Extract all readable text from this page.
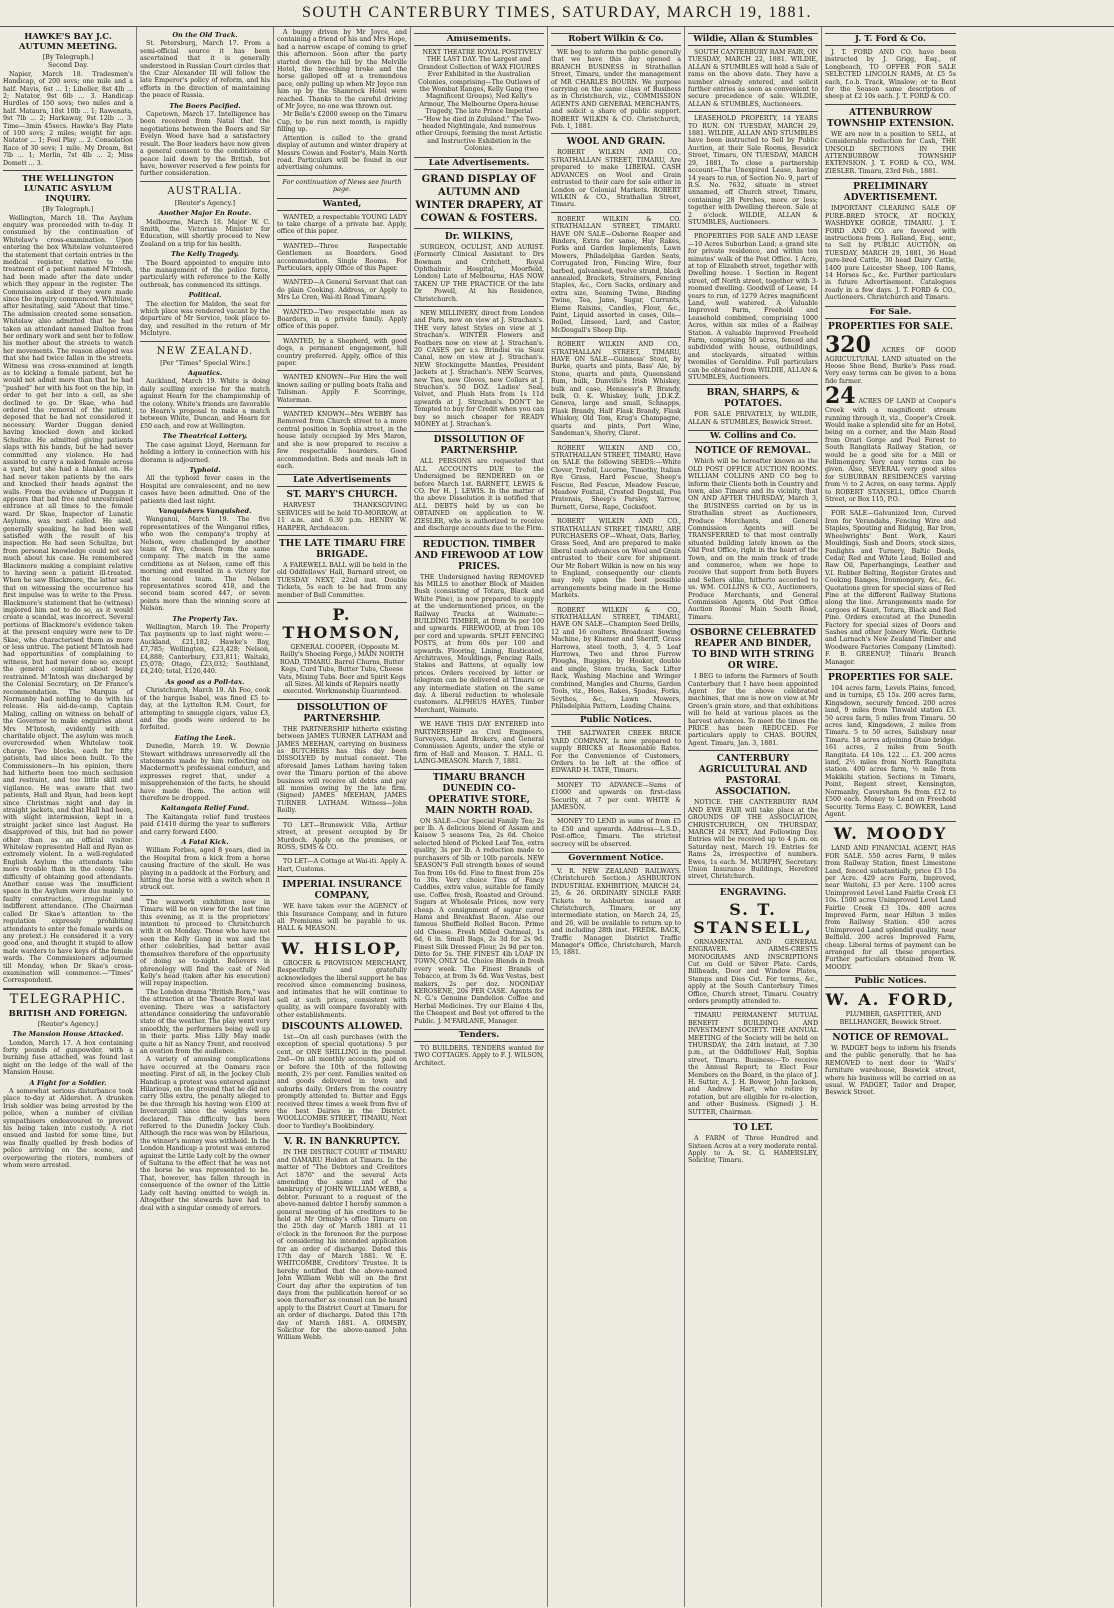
SOUTH CANTERBURY TIMES, SATURDAY, MARCH 19, 1881.
HAWKE'S BAY J.C. AUTUMN MEETING.
[By Telegraph.]
Second Day.
Napier, March 18. Tradesmen's Handicap, of 200 sovs; one mile and a half. Mavis, 6st ... 1; Libeller, 8st 4lb ... 2; Natator, 9st 6lb ... 3. Handicap Hurdles of 150 sovs; two miles and a half. Mataura, 10st 10lb ... 1; Rawenata, 9st 7lb ... 2; Harkaway, 9st 12lb ... 3. Time—3min 45secs. Hawke's Bay Plate of 100 sovs; 2 miles; weight for age. Natator ... 1; Fool Play ... 2. Consolation Race of 30 sovs; 1 mile. My Dream, 8st 7lb ... 1; Merlin, 7st 4lb ... 2; Miss Domett ... 3.
THE WELLINGTON LUNATIC ASYLUM INQUIRY.
[By Telegraph.]
Wellington, March 18. The Asylum enquiry was proceeded with to-day. It consumed by the continuation of Whitelaw's cross-examination. Upon entering the box Whitelaw volunteered the statement that certain entries in the medical register, relative to the treatment of a patient named M'Intosh, had been made after the date under which they appear in the register. The Commission asked if they were made since the inquiry commenced. Whitelaw, after hesitating, said "About that time." The admission created some sensation. Whitelaw also admitted that he had taken an attendant named Dalton from her ordinary work and sent her to follow his mother about the streets to watch her movements. The reason alleged was that she had twice fallen in the streets. Witness was cross-examined at length as to kicking a female patient, but he would not admit more than that he had "pushed" her with his foot on the hip, in order to get her into a cell, as she declined to go. Dr Skae, who had ordered the removal of the patient, deposed that he had not considered it necessary. Warder Duggan denied having knocked down and kicked Schultze. He admitted giving patients slaps with his hands, but he had never committed any violence. He had assisted to carry a naked female across a yard, but she had a blanket on. He had never taken patients by the ears and knocked their heads against the walls. From the evidence of Duggan it appears that bad free and unrestrained entrance at all times to the female ward. Dr Skae, Inspector of Lunatic Asylums, was next called. He said, generally speaking, he had been well satisfied with the result of his inspection. He had seen Schultze, but from personal knowledge could not say much about his case. He remembered Blackmore making a complaint relative to having seen a patient ill-treated. When he saw Blackmore, the latter said that on witnessing the occurrence his first impulse was to write to the Press. Blackmore's statement that he (witness) implored him not to do so, as it would create a scandal, was incorrect. Several portions of Blackmore's evidence taken at the present enquiry were new to Dr Skae, who characterised them as more or less untrue. The patient M'Intosh had had opportunities of complaining to witness, but had never done so, except the general complaint about being restrained. M'Intosh was discharged by the Colonial Secretary, on Dr France's recommendation. The Marquis of Normanby had nothing to do with his release. His aid-de-camp, Captain Maling, calling on witness on behalf of the Governor to make enquiries about Mrs M'Intosh, evidently with a charitable object. The asylum was much overcrowded when Whitelaw took charge. Two blocks, each for fifty patients, had since been built. To the Commissioners—In his opinion, there had hitherto been too much seclusion and restraint, and too little skill and vigilance. He was aware that two patients, Hall and Ryan, had been kept since Christmas night and day in straight jackets, and that Hall had been, with slight intermission, kept in a straight jacket since last August. He disapproved of this, but had no power other than as an official visitor. Whitelaw represented Hall and Ryan as extremely violent. In a well-regulated English Asylum the attendants take more trouble than in the colony. The difficulty of obtaining good attendants. Another cause was the insufficient space in the Asylum were due mainly to faulty construction, irregular and indifferent attendance. (The Chairman called Dr Skae's attention to the regulation expressly prohibiting attendants to enter the female wards on any pretext.) He considered it a very good one, and thought it stupid to allow male warders to have keys of the female wards. The Commissioners adjourned till Monday, when Dr Skae's cross-examination will commence.—"Times" Correspondent.
TELEGRAPHIC.
BRITISH AND FOREIGN.
[Reuter's Agency.]
The Mansion House Attacked.
London, March 17. A box containing forty pounds of gunpowder, with a burning fuse attached, was found last night on the ledge of the wall of the Mansion House.
A Fight for a Soldier.
A somewhat serious disturbance took place to-day at Aldershot. A drunken Irish soldier was being arrested by the police, when a number of civilian sympathisers endeavoured to prevent his being taken into custody. A riot ensued and lasted for some time, but was finally quelled by fresh bodies of police arriving on the scene, and overpowering the rioters, numbers of whom were arrested.
On the Old Track.
St. Petersburg, March 17. From a semi-official source it has been ascertained that it is generally understood in Russian Court circles that the Czar Alexander III will follow the late Emperor's policy of reform, and his efforts in the direction of maintaining the peace of Russia.
The Boers Pacified.
Capetown, March 17. Intelligence has been received from Natal that the negotiations between the Boers and Sir Evelyn Wood have had a satisfactory result. The Boer leaders have now given a general consent to the conditions of peace laid down by the British, but have, however reserved a few points for further consideration.
AUSTRALIA.
[Reuter's Agency.]
Another Major En Route.
Melbourne, March 18. Major W. C. Smith, the Victorian Minister for Education, will shortly proceed to New Zealand on a trip for his health.
The Kelly Tragedy.
The Board appointed to enquire into the management of the police force, particularly with reference to the Kelly outbreak, has commenced its sittings.
Political.
The election for Maldon, the seat for which place was rendered vacant by the departure of Mr Service, took place to-day, and resulted in the return of Mr McIntyre.
NEW ZEALAND.
[Per "Times" Special Wire.]
Aquatics.
Auckland, March 19. White is doing daily sculling exercise for the match against Hearn for the championship of the colony. White's friends are favorable to Hearn's proposal to make a match between White, Duncan, and Hearn for £50 each, and row at Wellington.
The Theatrical Lottery.
The case against Lloyd, Hermann for holding a lottery in connection with his diorama is adjourned.
Typhoid.
All the typhoid fever cases in the Hospital are convalescent, and no new cases have been admitted. One of the patients died last night.
Vanquishers Vanquished.
Wanganui, March 19. The five representatives of the Wanganui rifles, who won the company's trophy at Nelson, were challenged by another team of five, chosen from the same company. The match in the same conditions as at Nelson, came off this morning and resulted in a victory for the second team. The Nelson representatives scored 418, and the second team scored 447, or seven points more than the winning score at Nelson.
The Property Tax.
Wellington, March 19. The Property Tax payments up to last night were:—Auckland, £21,182; Hawke's Bay, £7,785; Wellington, £23,428; Nelson, £4,888; Canterbury, £33,811; Waitaki, £5,078; Otago, £23,032; Southland, £4,240; total, £126,440.
As good as a Poll-tax.
Christchurch, March 19. Ah Foo, cook of the barque Isabel, was fined £5 to-day, at the Lyttelton R.M. Court, for attempting to smuggle cigars, value £3, and the goods were ordered to be forfeited.
Eating the Leek.
Dunedin, March 19. W. Downie Stewart withdraws unreservedly all the statements made by him reflecting on Macdermott's professional conduct, and expresses regret that, under a misapprehension of the facts, he should have made them. The action will therefore be dropped.
Kaitangata Relief Fund.
The Kaitangata relief fund trustees paid £1410 during the year to sufferers and carry forward £400.
A Fatal Kick.
William Forbes, aged 8 years, died in the Hospital from a kick from a horse causing fracture of the skull. He was playing in a paddock at the Forbury, and hitting the horse with a switch when it struck out.
The waxwork exhibition now in Timaru will be on view for the last time this evening, as it is the proprietors' intention to proceed to Christchurch with it on Monday. Those who have not seen the Kelly Gang in wax and the other celebrities, had better avail themselves therefore of the opportunity of doing so to-night. Believers in phrenology will find the cast of Ned Kelly's head (taken after his execution) will repay inspection.
The London drama "British Born," was the attraction at the Theatre Royal last evening. There was a satisfactory attendance considering the unfavorable state of the weather. The play went very smoothly, the performers being well up in their parts. Miss Lilly May made quite a hit as Nancy Trent, and received an ovation from the audience.
A variety of amusing complications have occurred at the Oamaru race meeting. First of all, in the Jockey Club Handicap a protest was entered against Hilarious, on the ground that he did not carry 5lbs extra, the penalty alleged to be due through his having won £100 at Invercargill since the weights were declared. This difficulty has been referred to the Dunedin Jockey Club. Although the race was won by Hilarious, the winner's money was withheld. In the London Handicap a protest was entered against the Little Lady colt by the owner of Sultana to the effect that he was not the horse he was represented to be. That, however, has fallen through in consequence of the owner of the Little Lady colt having omitted to weigh in. Altogether the stewards have had to deal with a singular comedy of errors.
A buggy driven by Mr Joyce, and containing a friend of his and Mrs Hope, had a narrow escape of coming to grief this afternoon. Soon after the party started down the hill by the Melville Hotel, the breeching broke and the horse galloped off at a tremendous pace, only pulling up when Mr Joyce ran him up by the Shamrock Hotel were reached. Thanks to the careful driving of Mr Joyce, no one was thrown out.
Mr Belle's £2000 sweep on the Timaru Cup, to be run next month, is rapidly filling up.
Attention is called to the grand display of autumn and winter drapery at Messrs Cowan and Foster's, Main North road. Particulars will be found in our advertising columns.
For continuation of News see fourth page.
Wanted,
WANTED, a respectable YOUNG LADY to take charge of a private bar. Apply, office of this paper.
WANTED—Three Respectable Gentlemen as Boarders. Good accommodation. Single Rooms. For Particulars, apply Office of this Paper.
WANTED—A General Servant that can do plain Cooking. Address, or Apply to Mrs Le Cren, Wai-iti Road Timaru.
WANTED—Two respectable men as Boarders, in a private family. Apply office of this paper.
WANTED, by a Shepherd, with good dogs, a permanent engagement, hill country preferred. Apply, office of this paper.
WANTED KNOWN—For Hire the well known sailing or pulling boats Italia and Talisman. Apply F. Scorringe, Waterman.
WANTED KNOWN—Mrs WEBBY has Removed from Church street to a more central position in Sophia street, in the house lately occupied by Mrs Maron, and she is now prepared to receive a few respectable boarders. Good accommodation. Beds and meals left in each.
Late Advertisements
ST. MARY'S CHURCH.
HARVEST THANKSGIVING SERVICES will be held TO-MORROW, at 11 a.m. and 6.30 p.m. HENRY W. HARPER, Archdeacon.
THE LATE TIMARU FIRE BRIGADE.
A FAREWELL BALL will be held in the old Oddfellows' Hall, Barnard street, on TUESDAY NEXT, 22nd inst. Double Tickets, 5s each to be had from any member of Ball Committee.
P. THOMSON,
GENERAL COOPER, (Opposite M. Reilly's Shoeing Forge,) MAIN NORTH ROAD, TIMARU. Barrel Churns, Butter Kegs, Curd Tubs, Butter Tubs, Cheese Vats, Mixing Tubs. Beer and Spirit Kegs all Sizes. All kinds of Repairs neatly executed. Workmanship Guaranteed.
DISSOLUTION OF PARTNERSHIP.
THE PARTNERSHIP hitherto existing between JAMES TURNER LATHAM and JAMES MEEHAN, carrying on business as BUTCHERS has this day been DISSOLVED by mutual consent. The aforesaid James Latham having taken over the Timaru portion of the above business will receive all debts and pay all monies owing by the late firm. (Signed) JAMES MEEHAN, JAMES TURNER LATHAM. Witness—John Reilly.
TO LET—Brunswick Villa, Arthur street, at present occupied by Dr Murdoch. Apply on the premises, or ROSS, SIMS & CO.
TO LET—A Cottage at Wai-iti. Apply A. Hart, Customs.
IMPERIAL INSURANCE COMPANY,
WE have taken over the AGENCY of this Insurance Company, and in future all Premiums will be payable to us. HALL & MEASON.
W. HISLOP,
GROCER & PROVISION MERCHANT, Respectfully and gratefully acknowledges the liberal support he has received since commencing business, and intimates that he will continue to sell at such prices, consistent with quality, as will compare favorably with other establishments.
DISCOUNTS ALLOWED.
1st—On all cash purchases (with the exception of special quotations) 5 per cent, or ONE SHILLING in the pound. 2nd—On all monthly accounts, paid on or before the 10th of the following month, 2½ per cent. Families waited on and goods delivered in town and suburbs daily. Orders from the country promptly attended to. Butter and Eggs received three times a week from five of the best Dairies in the District. WOOLLCOMBE STREET, TIMARU, Next door to Yardley's Bookbindery.
V. R. IN BANKRUPTCY.
IN THE DISTRICT COURT of TIMARU and OAMARU Holden at Timaru. In the matter of "The Debtors and Creditors Act 1876" and the several Acts amending the same and of the bankruptcy of JOHN WILLIAM WEBB, a debtor. Pursuant to a request of the above-named debtor I hereby summon a general meeting of his creditors to be held at Mr Ormsby's office Timaru on the 25th day of March 1881 at 11 o'clock in the forenoon for the purpose of considering his intended application for an order of discharge. Dated this 17th day of March 1881. W. E. WHITCOMBE, Creditors' Trustee. It is hereby notified that the above-named John William Webb will on the first Court day after the expiration of ten days from the publication hereof or so soon thereafter as counsel can be heard apply to the District Court at Timaru for an order of discharge. Dated this 17th day of March 1881. A. ORMSBY, Solicitor for the above-named John William Webb.
Amusements.
NEXT THEATRE ROYAL POSITIVELY THE LAST DAY. The Largest and Grandest Collection of WAX FIGURES Ever Exhibited in the Australian Colonies, comprising—The Outlaws of the Wombat Ranges, Kelly Gang (two Magnificent Groups), Ned Kelly's Armour, The Melbourne Opera-house Tragedy, The late Prince Imperial—"How he died in Zululand." The Two-headed Nightingale, And numerous other Groups, forming the most Artistic and Instructive Exhibition in the Colonies.
Late Advertisements.
GRAND DISPLAY OF AUTUMN AND WINTER DRAPERY, AT COWAN & FOSTERS.
Dr. WILKINS,
SURGEON, OCULIST, AND AURIST. (Formerly Clinical Assistant to Drs Bowman and Critchett, Royal Ophthalmic Hospital, Moorfield, London) Late of Melbourne, HAS NOW TAKEN UP THE PRACTICE Of the late Dr Powell, At his Residence, Christchurch.
NEW MILLINERY, direct from London and Paris, now on view at J. Strachan's. THE very latest Styles on view at J. Strachan's. WINTER Flowers and Feathers now on view at J. Strachan's. 20 CASES per s.s. Brindisi via Suez Canal, now on view at J. Strachan's. NEW Stockingette Mantles, President Jackets at J. Strachan's. NEW Scarves, new Ties, new Gloves, new Collars at J. Strachan's. 50 DOZ. Ladies' Seal, Velvet, and Plush Hats from 1s 11d upwards at J. Strachan's. DON'T be Tempted to buy for Credit when you can buy so much cheaper for READY MONEY at J. Strachan's.
DISSOLUTION OF PARTNERSHIP.
ALL PERSONS are requested that ALL ACCOUNTS DUE to the Undersigned be RENDERED on or before March 1st. BARNETT, LEWIS & CO. Per H. J. LEWIS. In the matter of the above Dissolution it is notified that ALL DEBTS held by us can be OBTAINED on application to W. ZIESLER, who is authorized to receive and discharge accounts due to the Firm.
REDUCTION. TIMBER AND FIREWOOD AT LOW PRICES.
THE Undersigned having REMOVED his MILLS to another Block of Maiden Bush (consisting of Totara, Black and White Pine), is now prepared to supply at the undermentioned prices, on the Railway Trucks at Waimate:—BUILDING TIMBER, at from 9s per 100 and upwards. FIREWOOD, at from 10s per cord and upwards. SPLIT FENCING POSTS, at from 60s per 100 and upwards. Flooring, Lining, Rusticated, Architraves, Mouldings, Fencing Rails, Stakes and Battens, at equally low prices. Orders received by letter or telegram can be delivered at Timaru or any intermediate station on the same day. A liberal reduction to wholesale customers. ALPHEUS HAYES, Timber Merchant, Waimate.
WE HAVE THIS DAY ENTERED into PARTNERSHIP as Civil Engineers, Surveyors, Land Brokers, and General Commission Agents, under the style or firm of Hall and Meason. T. HALL. G. LAING-MEASON. March 7, 1881.
TIMARU BRANCH DUNEDIN CO-OPERATIVE STORE, MAIN NORTH ROAD.
ON SALE—Our Special Family Tea; 2s per lb. A delicious blend of Assam and Kaisow 5 seasons Tea, 2s 6d. Choice selected blend of Picked Leaf Tea, extra quality, 3s per lb. A reduction made to purchasers of 5lb or 10lb parcels. NEW SEASON'S Full strength boxes of sound Tea from 10s 6d. Fine to finest from 25s to 30s. Very choice Tins of Fancy Caddies, extra value, suitable for family use. Coffee, fresh, Roasted and Ground. Sugars at Wholesale Prices, now very cheap. A consignment of sugar cured Hams and Breakfast Bacon. Also our famous Sheffield Rolled Bacon. Prime old Cheese. Fresh Milled Oatmeal, 1s 6d, 6 in. Small Bags, 2s 3d for 2s 9d. Finest Silk Dressed Flour, 2s 9d per ton. Ditto for 5s. THE FINEST 4lb LOAF IN TOWN, ONLY 5d. Choice Blends in fresh every week. The Finest Brands of Tobacco, at from 3s 6d. Wax Vestas, best makers, 2s per doz. NOONDAY KEROSENE, 20s PER CASE. Agents for N. G.'s Genuine Dandelion Coffee and Herbal Medicines. Try our Elaine 4 lbs, the Cheapest and Best yet offered to the Public. J. M'FARLANE, Manager.
Tenders.
TO BUILDERS. TENDERS wanted for TWO COTTAGES. Apply to F. J. WILSON, Architect.
Robert Wilkin & Co.
WE beg to inform the public generally that we have this day opened a BRANCH BUSINESS in Strathallan Street, Timaru, under the management of MR CHARLES BOURN. We purpose carrying on the same class of Business as in Christchurch, viz., COMMISSION AGENTS AND GENERAL MERCHANTS, and solicit a share of public support. ROBERT WILKIN & CO. Christchurch, Feb. 1, 1881.
WOOL AND GRAIN.
ROBERT WILKIN AND CO., STRATHALLAN STREET, TIMARU, Are prepared to make LIBERAL CASH ADVANCES on Wool and Grain entrusted to their care for sale either in London or Colonial Markets. ROBERT WILKIN & CO., Strathallan Street, Timaru.
ROBERT WILKIN & CO. STRATHALLAN STREET, TIMARU. HAVE ON SALE—Osborne Reaper and Binders, Extra for same, Hay Rakes, Forks and Garden Implements, Lawn Mowers, Philadelphia Garden Seats, Corrugated Iron, Fencing Wire, four barbed, galvanised, twelve strand, black annealed, Brackets, Strainers, Fencing Staples, &c., Corn Sacks, ordinary and extra size, Seaming Twine, Binding Twine, Tea, Jams, Sugar, Currants, Eleme Raisins, Candles, Flour, &c., Paint, Liquid assorted in cases, Oils—Boiled, Linseed, Lard, and Castor, McDougall's Sheep Dip.
ROBERT WILKIN AND CO., STRATHALLAN STREET, TIMARU, HAVE ON SALE—Guinness' Stout, by Burke, quarts and pints, Bass' Ale, by Stone, quarts and pints, Queensland Rum, bulk, Dunville's Irish Whiskey, bulk and case, Hennessy's P. Brandy, bulk, O. K. Whiskey, bulk, J.D.K.Z. Geneva, large and small, Schnapps, Flask Brandy, Half Flask Brandy, Flask Whiskey, Old Tom, Krug's Champagne, quarts and pints, Port Wine, Sandeman's, Sherry, Claret.
ROBERT WILKIN AND CO., STRATHALLAN STREET, TIMARU, Have on SALE the following SEEDS:—White Clover, Trefoil, Lucerne, Timothy, Italian Rye Grass, Hard Fescue, Sheep's Fescue, Red Fescue, Meadow Fescue, Meadow Foxtail, Crested Dogstail, Poa Pratensis, Sheep's Parsley, Yarrow, Burnett, Gorse, Rape, Cocksfoot.
ROBERT WILKIN AND CO., STRATHALLAN STREET, TIMARU, ARE PURCHASERS OF—Wheat, Oats, Barley, Grass Seed, And are prepared to make liberal cash advances on Wool and Grain entrusted to their care for shipment. Our Mr Robert Wilkin is now on his way to England, consequently our clients may rely upon the best possible arrangements being made in the Home Markets.
ROBERT WILKIN & CO., STRATHALLAN STREET, TIMARU, HAVE ON SALE—Champion Seed Drills, 12 and 16 coulters, Broadcast Sowing Machine, by Knemer and Sheriff, Grass Harrows, steel tooth, 3, 4, 5 Leaf Harrows, Two and three Furrow Ploughs, Buggies, by Hooker, double and single, Store trucks, Sack Lifter Rack, Washing Machine and Wringer combined, Mangles and Churns, Garden Tools, viz., Hoes, Rakes, Spades, Forks, Scythes, &c., Lawn Mowers, Philadelphia Pattern, Leading Chains.
Public Notices.
THE SALTWATER CREEK BRICK YARD COMPANY, Is now prepared to supply BRICKS at Reasonable Rates. For the Convenience of Customers, Orders to be left at the office of EDWARD H. TATE, Timaru.
MONEY TO ADVANCE—Sums of £1000 and upwards on first-class Security, at 7 per cent. WHITE & JAMESON.
MONEY TO LEND in sums of from £5 to £50 and upwards. Address—L.S.D., Post-office, Timaru. The strictest secrecy will be observed.
Government Notice.
V. R. NEW ZEALAND RAILWAYS. (Christchurch Section.) ASHBURTON INDUSTRIAL EXHIBITION, MARCH 24, 25, & 26. ORDINARY SINGLE FARE Tickets to Ashburton issued at Christchurch, Timaru, or any intermediate station, on March 24, 25, and 26, will be available to return up to and including 28th inst. FREDK. BACK, Traffic Manager. District Traffic Manager's Office, Christchurch, March 15, 1881.
Wildie, Allan & Stumbles
SOUTH CANTERBURY RAM FAIR, ON TUESDAY, MARCH 22, 1881. WILDIE, ALLAN & STUMBLES will hold a Sale of rams on the above date. They have a number already entered, and solicit further entries as soon as convenient to secure precedence of sale. WILDIE, ALLAN & STUMBLES, Auctioneers.
LEASEHOLD PROPERTY, 14 YEARS TO RUN. ON TUESDAY, MARCH 29, 1881. WILDIE, ALLAN AND STUMBLES have been instructed to Sell by Public Auction, at their Sale Rooms, Beswick Street, Timaru, ON TUESDAY, MARCH 29, 1881, To close a partnership account—The Unexpired Lease, having 14 years to run, of Section No. 9, part of R.S. No. 7632, situate in street unnamed, off Church street, Timaru, containing 28 Perches, more or less; together with Dwelling thereon. Sale at 2 o'clock. WILDIE, ALLAN & STUMBLES, Auctioneers.
PROPERTIES FOR SALE AND LEASE—10 Acres Suburban Land; a grand site for private residence, and within ten minutes' walk of the Post Office. 1 Acre, at top of Elizabeth street, together with Dwelling house. 1 Section in Regent street, off North street, together with 3-roomed dwelling. Goodwill of Lease, 14 years to run, of 1279 Acres magnificent Land, well watered. A Valuable Improved Farm, Freehold and Leasehold combined, comprising 1000 Acres, within six miles of a Railway Station. A valuable Improved Freehold Farm, comprising 50 acres, fenced and subdivided with house, outbuildings, and stockyards, situated within twomiles of Geraldine. Full particulars can be obtained from WILDIE, ALLAN & STUMBLES, Auctioneers.
BRAN, SHARPS, & POTATOES.
FOR SALE PRIVATELY, by WILDIE, ALLAN & STUMBLES, Beswick Street.
W. Collins and Co.
NOTICE OF REMOVAL.
Which will be hereafter known as the OLD POST OFFICE AUCTION ROOMS. WILLIAM COLLINS AND CO beg to inform their Clients both in Country and town, also Timaru and its vicinity, that ON AND AFTER THURSDAY, March 3, the BUSINESS carried on by us in Strathallan street as Auctioneers, Produce Merchants, and General Commission Agents will be TRANSFERRED to that most centrally situated building lately known as the Old Post Office, right in the heart of the Town, and on the main track of trade and commerce, when we hope to receive that support from both Buyers and Sellers alike, hitherto accorded to us. WM. COLLINS & CO., Auctioneers, Produce Merchants, and General Commission Agents, Old Post Office Auction Rooms' Main South Road, Timaru.
OSBORNE CELEBRATED REAPER AND BINDER, TO BIND WITH STRING OR WIRE.
I BEG to inform the Farmers of South Canterbury that I have been appointed Agent for the above celebrated machines, that one is now on view at Mr Green's grain store, and that exhibitions will be held at various places as the harvest advances. To meet the times the PRICE has been REDUCED. For particulars apply to CHAS. BOURN, Agent. Timaru, Jan. 3, 1881.
CANTERBURY AGRICULTURAL AND PASTORAL ASSOCIATION.
NOTICE. THE CANTERBURY RAM AND EWE FAIR will take place at the GROUNDS OF THE ASSOCIATION, CHRISTCHURCH, ON THURSDAY, MARCH 24 NEXT, And Following Day. Entries will be received up to 4 p.m. on Saturday next, March 19. Entries for Rams 2s, irrespective of numbers. Ewes, 1s each. M. MURPHY, Secretary. Union Insurance Buildings, Hereford street, Christchurch.
ENGRAVING.
S. T. STANSELL,
ORNAMENTAL AND GENERAL ENGRAVER. ARMS-CRESTS MONOGRAMS AND INSCRIPTIONS Cut on Gold or Silver Plate. Cards, Billheads, Door and Window Plates, Stamps and Dies Cut. For terms, &c., apply at the South Canterbury Times Office, Church street, Timaru. Country orders promptly attended to.
TIMARU PERMANENT MUTUAL BENEFIT BUILDING AND INVESTMENT SOCIETY. THE ANNUAL MEETING of the Society will be held on THURSDAY, the 24th instant, at 7.30 p.m., at the Oddfellows' Hall, Sophia street, Timaru. Business:—To receive the Annual Report; to Elect Four Members on the Board, in the place of J. H. Sutter, A. J. H. Bower, John Jackson, and Andrew Hart, who retire by rotation, but are eligible for re-election, and other Business. (Signed) J. H. SUTTER, Chairman.
TO LET.
A FARM of Three Hundred and Sixteen Acres at a very moderate rental. Apply to A. St. G. HAMERSLEY, Solicitor, Timaru.
J. T. Ford & Co.
J. T. FORD AND CO. have been instructed by J. Grigg, Esq., of Longbeach, TO OFFER FOR SALE SELECTED LINCOLN RAMS, At £5 5s each, f.o.b. Track, Winslow; or to Bent for the Season same description of sheep at £2 10s each. J. T. FORD & CO.
ATTENBURROW TOWNSHIP EXTENSION.
WE are now in a position to SELL, at Considerable reduction for Cash, THE UNSOLD SECTIONS IN THE ATTENBURROW TOWNSHIP EXTENSION. J. T. FORD & CO., WM. ZIESLER. Timaru, 23rd Feb., 1881.
PRELIMINARY ADVERTISEMENT.
IMPORTANT CLEARING SALE OF PURE-BRED STOCK, AT ROCKLY, WASHDYKE GORGE, TIMARU. J. T. FORD AND CO. are favored with instructions from J. Rolland, Esq., senr., to Sell by PUBLIC AUCTION, on TUESDAY, MARCH 29, 1881, 36 Head pure-bred Cattle, 30 head Dairy Cattle, 1400 pure Leicester Sheep, 100 Rams, 14 Horses &c., &c. Further particulars in future Advertisement. Catalogues ready in a few days. J. T. FORD & CO., Auctioneers. Christchurch and Timaru.
For Sale.
PROPERTIES FOR SALE.
320 ACRES OF GOOD AGRICULTURAL LAND situated on the Hoose Shoe Bend, Burke's Pass road. Very easy terms can be given to a bona fide farmer.
24 ACRES OF LAND at Cooper's Creek with a magnificent stream running through it, viz., Cooper's Creek. Would make a splendid site for an Hotel, being on a corner, and the Main Road from Orari Gorge and Peel Forest to South Rangitata Railway Station, or would be a good site for a Mill or Fellmongery. Very easy terms can be given. Also, SEVERAL very good sites for SUBURBAN RESIDENCES varying from ½ to 2 Acres, on easy terms. Apply to ROBERT STANSELL, Office Church Street, or Box 115, P.O.
FOR SALE—Galvanized Iron, Curved Iron for Verandahs, Fencing Wire and Staples, Spouting and Ridging, Bar Iron, Wheelwrights' Bent Work, Kauri Mouldings, Sash and Doors, stock sizes, Fanlights and Turnery, Baltic Deals, Cedar, Red and White Lead, Boiled and Raw Oil, Paperhangings, Leather and V.I. Rubber Belting, Register Grates and Cooking Ranges, Ironmongery, &c., &c. Quotations given for special sizes of Red Pine at the different Railway Stations along the line. Arrangements made for cargoes of Kauri, Totara, Black and Red Pine. Orders executed at the Dunedin Factory for special sizes of Doors and Sashes and other Joinery Work. Guthrie and Larnach's New Zealand Timber and Woodware Factories Company (Limited). F. B. GREENUP, Timaru Branch Manager.
PROPERTIES FOR SALE.
104 acres farm, Levels Plains, fenced, and in turnips, £5 15s. 200 acres farm, Kingsdown, securely fenced. 200 acres land, 9 miles from Tinwald station £3. 50 acres farm, 5 miles from Timaru. 50 acres land, Kingsdown, 2 miles from Timaru. 5 to 50 acres, Salisbury near Timaru. 18 acres adjoining Otaio bridge. 161 acres, 2 miles from South Rangitata. £4 10s. 122 ... £3. 200 acres land, 2½ miles from North Rangitata station. 400 acres farm, ½ mile from Makikihi station. Sections in Timaru, Point, Regent street, Kensington, Normanby, Caversham 9s from £12 to £500 each. Money to Lend on Freehold Security. Terms Easy. C. BOWKER, Land Agent.
W. MOODY
LAND AND FINANCIAL AGENT, HAS FOR SALE. 550 acres Farm, 9 miles from Railway Station, finest Limestone Land, fenced substantially, price £3 15s per Acre. 429 acre Farm, Improved, near Waitohi, £3 per Acre. 1100 acres Unimproved Level Land Fairlie Creek £3 10s. 1500 acres Unimproved Level Land Fairlie Creek £3 10s. 400 acres Improved Farm, near Hilton 3 miles from Railway Station. 450 acres Unimproved Land splendid quality, near Belfield. 200 acres Improved Farm, cheap. Liberal terms of payment can be arranged for all these properties. Further particulars obtained from W. MOODY.
Public Notices.
W. A. FORD,
PLUMBER, GASFITTER, AND BELLHANGER, Beswick Street.
NOTICE OF REMOVAL.
W. PADGET begs to inform his friends and the public generally, that he has REMOVED to next door to 'Wail's' furniture warehouse, Beswick street, where his business will be carried on as usual. W. PADGET, Tailor and Draper, Beswick Street.
